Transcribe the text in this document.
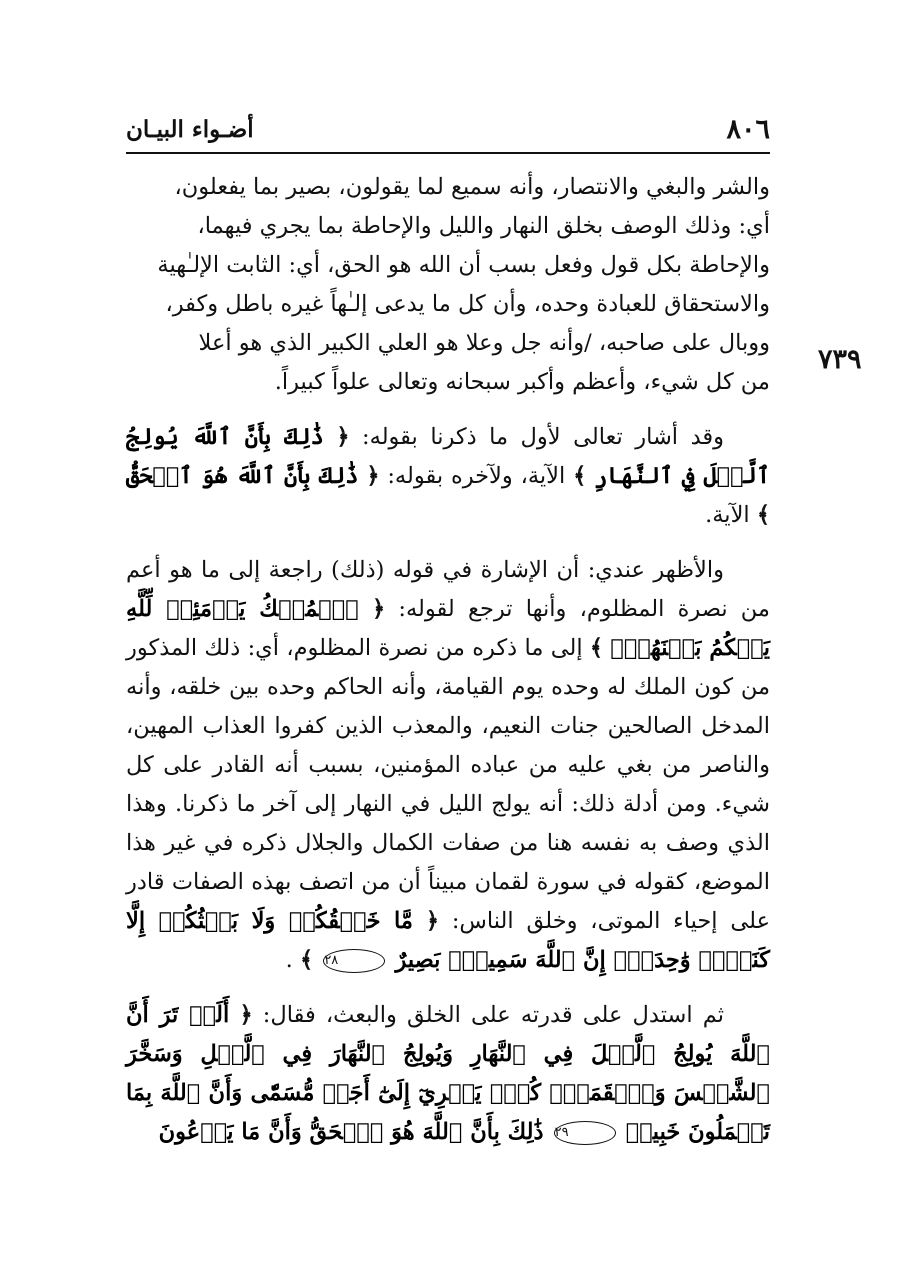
٨٠٦
أضـواء البيـان
٧٣٩

والشر والبغي والانتصار، وأنه سميع لما يقولون، بصير بما يفعلون،
أي: وذلك الوصف بخلق النهار والليل والإحاطة بما يجري فيهما،
والإحاطة بكل قول وفعل بسب أن الله هو الحق، أي: الثابت الإلـٰهية
والاستحقاق للعبادة وحده، وأن كل ما يدعى إلـٰهاً غيره باطل وكفر،
ووبال على صاحبه، /وأنه جل وعلا هو العلي الكبير الذي هو أعلا
من كل شيء، وأعظم وأكبر سبحانه وتعالى علواً كبيراً.

وقد أشار تعالى لأول ما ذكرنا بقوله: ﴿ ذَٰلِكَ بِأَنَّ ٱللَّهَ يُولِجُ ٱلَّيۡلَ فِي ٱلنَّهَارِ ﴾ الآية، ولآخره بقوله: ﴿ ذَٰلِكَ بِأَنَّ ٱللَّهَ هُوَ ٱلۡحَقُّ ﴾ الآية.

والأظهر عندي: أن الإشارة في قوله (ذلك) راجعة إلى ما هو أعم من نصرة المظلوم، وأنها ترجع لقوله: ﴿ ٱلۡمُلۡكُ يَوۡمَئِذٖ لِّلَّهِ يَحۡكُمُ بَيۡنَهُمۡۚ ﴾ إلى ما ذكره من نصرة المظلوم، أي: ذلك المذكور من كون الملك له وحده يوم القيامة، وأنه الحاكم وحده بين خلقه، وأنه المدخل الصالحين جنات النعيم، والمعذب الذين كفروا العذاب المهين، والناصر من بغي عليه من عباده المؤمنين، بسبب أنه القادر على كل شيء. ومن أدلة ذلك: أنه يولج الليل في النهار إلى آخر ما ذكرنا. وهذا الذي وصف به نفسه هنا من صفات الكمال والجلال ذكره في غير هذا الموضع، كقوله في سورة لقمان مبيناً أن من اتصف بهذه الصفات قادر على إحياء الموتى، وخلق الناس: ﴿ مَّا خَلۡقُكُمۡ وَلَا بَعۡثُكُمۡ إِلَّا كَنَفۡسٖ وَٰحِدَةٍۚ إِنَّ ٱللَّهَ سَمِيعُۢ بَصِيرٌ ٢٨ ﴾ .

ثم استدل على قدرته على الخلق والبعث، فقال: ﴿ أَلَمۡ تَرَ أَنَّ ٱللَّهَ يُولِجُ ٱلَّيۡلَ فِي ٱلنَّهَارِ وَيُولِجُ ٱلنَّهَارَ فِي ٱلَّيۡلِ وَسَخَّرَ ٱلشَّمۡسَ وَٱلۡقَمَرَۖ كُلّٞ يَجۡرِيٓ إِلَىٰٓ أَجَلٖ مُّسَمّٗى وَأَنَّ ٱللَّهَ بِمَا تَعۡمَلُونَ خَبِيرٞ ٢٩ ذَٰلِكَ بِأَنَّ ٱللَّهَ هُوَ ٱلۡحَقُّ وَأَنَّ مَا يَدۡعُونَ
